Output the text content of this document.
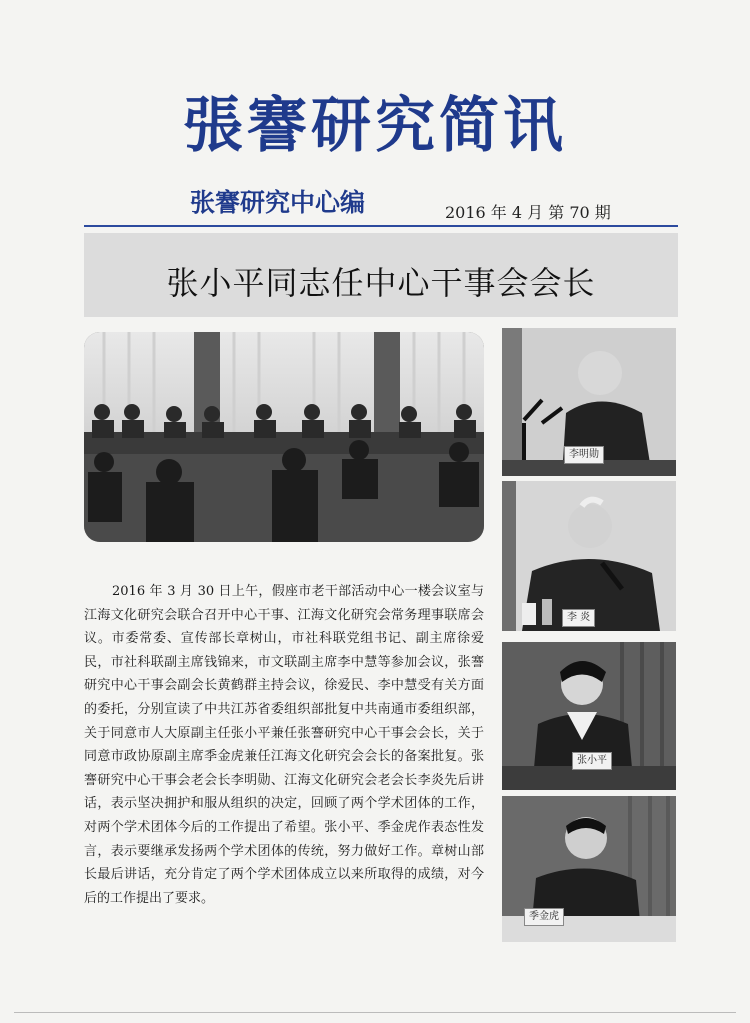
張謇研究简讯
张謇研究中心编	2016 年 4 月 第 70 期
张小平同志任中心干事会会长
李明勋
李 炎
张小平
季金虎
2016 年 3 月 30 日上午，假座市老干部活动中心一楼会议室与江海文化研究会联合召开中心干事、江海文化研究会常务理事联席会议。市委常委、宣传部长章树山，市社科联党组书记、副主席徐爱民，市社科联副主席钱锦来，市文联副主席李中慧等参加会议，张謇研究中心干事会副会长黄鹤群主持会议，徐爱民、李中慧受有关方面的委托，分别宣读了中共江苏省委组织部批复中共南通市委组织部，关于同意市人大原副主任张小平兼任张謇研究中心干事会会长，关于同意市政协原副主席季金虎兼任江海文化研究会会长的备案批复。张謇研究中心干事会老会长李明勋、江海文化研究会老会长李炎先后讲话，表示坚决拥护和服从组织的决定，回顾了两个学术团体的工作，对两个学术团体今后的工作提出了希望。张小平、季金虎作表态性发言，表示要继承发扬两个学术团体的传统，努力做好工作。章树山部长最后讲话，充分肯定了两个学术团体成立以来所取得的成绩，对今后的工作提出了要求。
